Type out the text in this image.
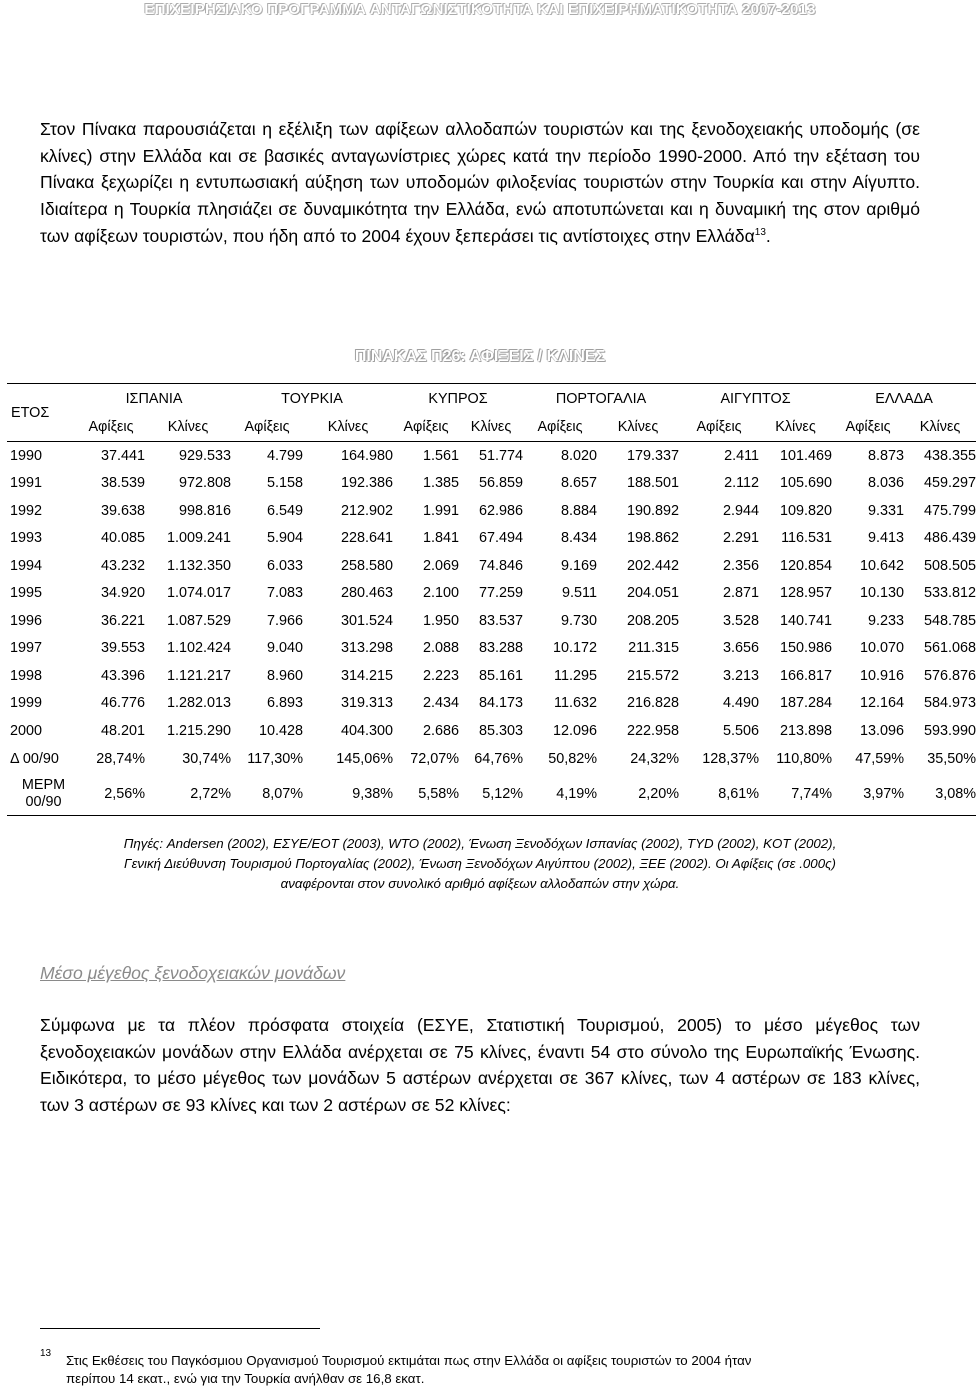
ΕΠΙΧΕΙΡΗΣΙΑΚΟ ΠΡΟΓΡΑΜΜΑ ΑΝΤΑΓΩΝΙΣΤΙΚΟΤΗΤΑ ΚΑΙ ΕΠΙΧΕΙΡΗΜΑΤΙΚΟΤΗΤΑ 2007-2013

Στον Πίνακα παρουσιάζεται η εξέλιξη των αφίξεων αλλοδαπών τουριστών και της ξενοδοχειακής υποδομής (σε κλίνες) στην Ελλάδα και σε βασικές ανταγωνίστριες χώρες κατά την περίοδο 1990-2000. Από την εξέταση του Πίνακα ξεχωρίζει η εντυπωσιακή αύξηση των υποδομών φιλοξενίας τουριστών στην Τουρκία και στην Αίγυπτο. Ιδιαίτερα η Τουρκία πλησιάζει σε δυναμικότητα την Ελλάδα, ενώ αποτυπώνεται και η δυναμική της στον αριθμό των αφίξεων τουριστών, που ήδη από το 2004 έχουν ξεπεράσει τις αντίστοιχες στην Ελλάδα$^{13}$.

ΠΙΝΑΚΑΣ Π26: ΑΦΙΞΕΙΣ / ΚΛΙΝΕΣ
ΕΤΟΣ	ΙΣΠΑΝΙΑ		ΤΟΥΡΚΙΑ		ΚΥΠΡΟΣ		ΠΟΡΤΟΓΑΛΙΑ		ΑΙΓΥΠΤΟΣ		ΕΛΛΑΔΑ	
	Αφίξεις	Κλίνες	Αφίξεις	Κλίνες	Αφίξεις	Κλίνες	Αφίξεις	Κλίνες	Αφίξεις	Κλίνες	Αφίξεις	Κλίνες
1990	37.441	929.533	4.799	164.980	1.561	51.774	8.020	179.337	2.411	101.469	8.873	438.355
1991	38.539	972.808	5.158	192.386	1.385	56.859	8.657	188.501	2.112	105.690	8.036	459.297
1992	39.638	998.816	6.549	212.902	1.991	62.986	8.884	190.892	2.944	109.820	9.331	475.799
1993	40.085	1.009.241	5.904	228.641	1.841	67.494	8.434	198.862	2.291	116.531	9.413	486.439
1994	43.232	1.132.350	6.033	258.580	2.069	74.846	9.169	202.442	2.356	120.854	10.642	508.505
1995	34.920	1.074.017	7.083	280.463	2.100	77.259	9.511	204.051	2.871	128.957	10.130	533.812
1996	36.221	1.087.529	7.966	301.524	1.950	83.537	9.730	208.205	3.528	140.741	9.233	548.785
1997	39.553	1.102.424	9.040	313.298	2.088	83.288	10.172	211.315	3.656	150.986	10.070	561.068
1998	43.396	1.121.217	8.960	314.215	2.223	85.161	11.295	215.572	3.213	166.817	10.916	576.876
1999	46.776	1.282.013	6.893	319.313	2.434	84.173	11.632	216.828	4.490	187.284	12.164	584.973
2000	48.201	1.215.290	10.428	404.300	2.686	85.303	12.096	222.958	5.506	213.898	13.096	593.990
Δ 00/90	28,74%	30,74%	117,30%	145,06%	72,07%	64,76%	50,82%	24,32%	128,37%	110,80%	47,59%	35,50%
ΜΕΡΜ
00/90	2,56%	2,72%	8,07%	9,38%	5,58%	5,12%	4,19%	2,20%	8,61%	7,74%	3,97%	3,08%
Πηγές: Andersen (2002), ΕΣΥΕ/ΕΟΤ (2003), WTO (2002), Ένωση Ξενοδόχων Ισπανίας (2002), TYD (2002), KOT (2002),
Γενική Διεύθυνση Τουρισμού Πορτογαλίας (2002), Ένωση Ξενοδόχων Αιγύπτου (2002), ΞΕΕ (2002). Οι Αφίξεις (σε .000ς)
αναφέρονται στον συνολικό αριθμό αφίξεων αλλοδαπών στην χώρα.
Μέσο μέγεθος ξενοδοχειακών μονάδων

Σύμφωνα με τα πλέον πρόσφατα στοιχεία (ΕΣΥΕ, Στατιστική Τουρισμού, 2005) το μέσο μέγεθος των ξενοδοχειακών μονάδων στην Ελλάδα ανέρχεται σε 75 κλίνες, έναντι 54 στο σύνολο της Ευρωπαϊκής Ένωσης. Ειδικότερα, το μέσο μέγεθος των μονάδων 5 αστέρων ανέρχεται σε 367 κλίνες, των 4 αστέρων σε 183 κλίνες, των 3 αστέρων σε 93 κλίνες και των 2 αστέρων σε 52 κλίνες:

13 Στις Εκθέσεις του Παγκόσμιου Οργανισμού Τουρισμού εκτιμάται πως στην Ελλάδα οι αφίξεις τουριστών το 2004 ήταν
περίπου 14 εκατ., ενώ για την Τουρκία ανήλθαν σε 16,8 εκατ.
